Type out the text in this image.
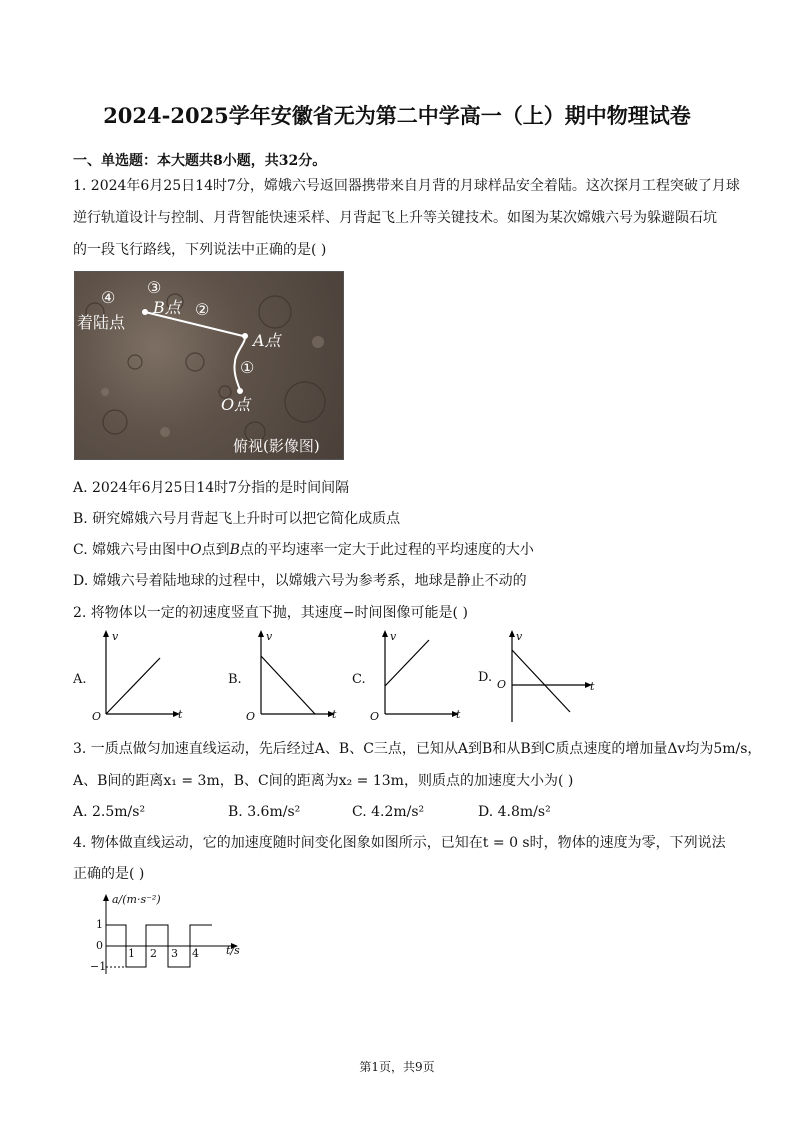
2024-2025学年安徽省无为第二中学高一（上）期中物理试卷
一、单选题：本大题共8小题，共32分。
1. 2024年6月25日14时7分，嫦娥六号返回器携带来自月背的月球样品安全着陆。这次探月工程突破了月球
逆行轨道设计与控制、月背智能快速采样、月背起飞上升等关键技术。如图为某次嫦娥六号为躲避陨石坑
的一段飞行路线，下列说法中正确的是( )
④
着陆点
③
B点 ②
A点
①
O点
俯视(影像图)
A. 2024年6月25日14时7分指的是时间间隔
B. 研究嫦娥六号月背起飞上升时可以把它简化成质点
C. 嫦娥六号由图中O点到B点的平均速率一定大于此过程的平均速度的大小
D. 嫦娥六号着陆地球的过程中，以嫦娥六号为参考系，地球是静止不动的
2. 将物体以一定的初速度竖直下抛，其速度−时间图像可能是( )
A.
v
t
O
B.
v
t
O
C.
v
t
O
D.
v
t
O
3. 一质点做匀加速直线运动，先后经过A、B、C三点，已知从A到B和从B到C质点速度的增加量Δv均为5m/s，
A、B间的距离x₁ = 3m，B、C间的距离为x₂ = 13m，则质点的加速度大小为( )
A. 2.5m/s²	B. 3.6m/s²	C. 4.2m/s²	D. 4.8m/s²
4. 物体做直线运动，它的加速度随时间变化图象如图所示，已知在t = 0 s时，物体的速度为零，下列说法
正确的是( )
a/(m·s⁻²)
t/s
1
0
−1
1 2 3 4
第1页，共9页
